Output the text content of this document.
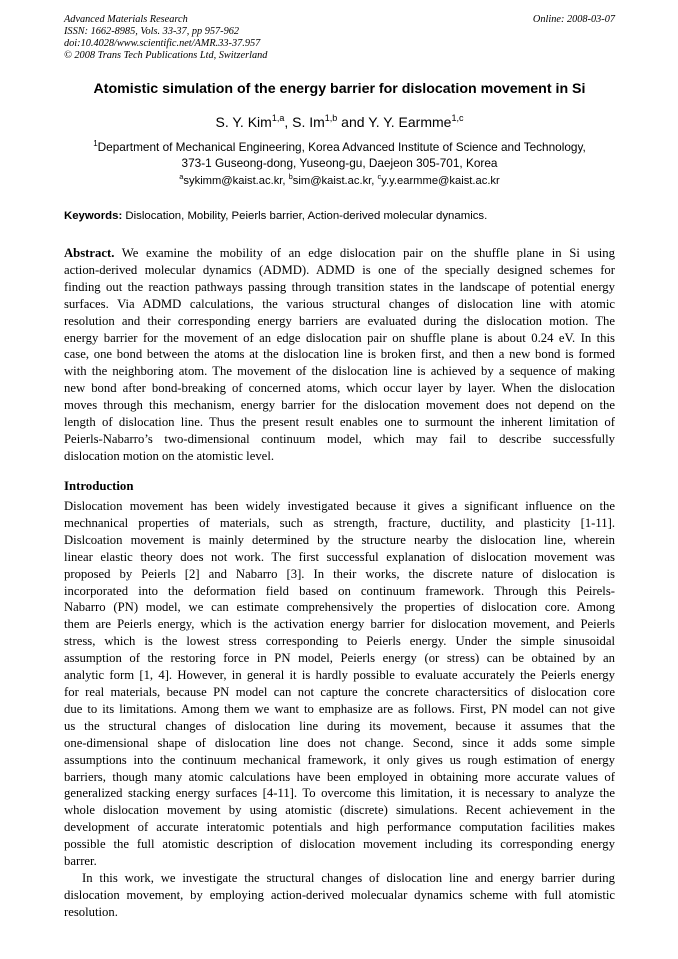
Advanced Materials Research
ISSN: 1662-8985, Vols. 33-37, pp 957-962
doi:10.4028/www.scientific.net/AMR.33-37.957
© 2008 Trans Tech Publications Ltd, Switzerland
Online: 2008-03-07
Atomistic simulation of the energy barrier for dislocation movement in Si
S. Y. Kim$^{1,a}$, S. Im$^{1,b}$ and Y. Y. Earmme$^{1,c}$
$^1$Department of Mechanical Engineering, Korea Advanced Institute of Science and Technology,
373-1 Guseong-dong, Yuseong-gu, Daejeon 305-701, Korea
$^a$sykimm@kaist.ac.kr, $^b$sim@kaist.ac.kr, $^c$y.y.earmme@kaist.ac.kr
Keywords: Dislocation, Mobility, Peierls barrier, Action-derived molecular dynamics.
Abstract. We examine the mobility of an edge dislocation pair on the shuffle plane in Si using
action-derived molecular dynamics (ADMD). ADMD is one of the specially designed schemes for
finding out the reaction pathways passing through transition states in the landscape of potential energy
surfaces. Via ADMD calculations, the various structural changes of dislocation line with atomic
resolution and their corresponding energy barriers are evaluated during the dislocation motion. The
energy barrier for the movement of an edge dislocation pair on shuffle plane is about 0.24 eV. In this
case, one bond between the atoms at the dislocation line is broken first, and then a new bond is formed
with the neighboring atom. The movement of the dislocation line is achieved by a sequence of making
new bond after bond-breaking of concerned atoms, which occur layer by layer. When the dislocation
moves through this mechanism, energy barrier for the dislocation movement does not depend on the
length of dislocation line. Thus the present result enables one to surmount the inherent limitation of
Peierls-Nabarro’s two-dimensional continuum model, which may fail to describe successfully
dislocation motion on the atomistic level.
Introduction
Dislocation movement has been widely investigated because it gives a significant influence on the
mechnanical properties of materials, such as strength, fracture, ductility, and plasticity [1-11].
Dislcoation movement is mainly determined by the structure nearby the dislocation line, wherein
linear elastic theory does not work. The first successful explanation of dislocation movement was
proposed by Peierls [2] and Nabarro [3]. In their works, the discrete nature of dislocation is
incorporated into the deformation field based on continuum framework. Through this Peirels-
Nabarro (PN) model, we can estimate comprehensively the properties of dislocation core. Among
them are Peierls energy, which is the activation energy barrier for dislocation movement, and Peierls
stress, which is the lowest stress corresponding to Peierls energy. Under the simple sinusoidal
assumption of the restoring force in PN model, Peierls energy (or stress) can be obtained by an
analytic form [1, 4]. However, in general it is hardly possible to evaluate accurately the Peierls energy
for real materials, because PN model can not capture the concrete charactersitics of dislocation core
due to its limitations. Among them we want to emphasize are as follows. First, PN model can not give
us the structural changes of dislocation line during its movement, because it assumes that the
one-dimensional shape of dislocation line does not change. Second, since it adds some simple
assumptions into the continuum mechanical framework, it only gives us rough estimation of energy
barriers, though many atomic calculations have been employed in obtaining more accurate values of
generalized stacking energy surfaces [4-11]. To overcome this limitation, it is necessary to analyze the
whole dislocation movement by using atomistic (discrete) simulations. Recent achievement in the
development of accurate interatomic potentials and high performance computation facilities makes
possible the full atomistic description of dislocation movement including its corresponding energy
barrer.
In this work, we investigate the structural changes of dislocation line and energy barrier during
dislocation movement, by employing action-derived molecualar dynamics scheme with full atomistic
resolution.
